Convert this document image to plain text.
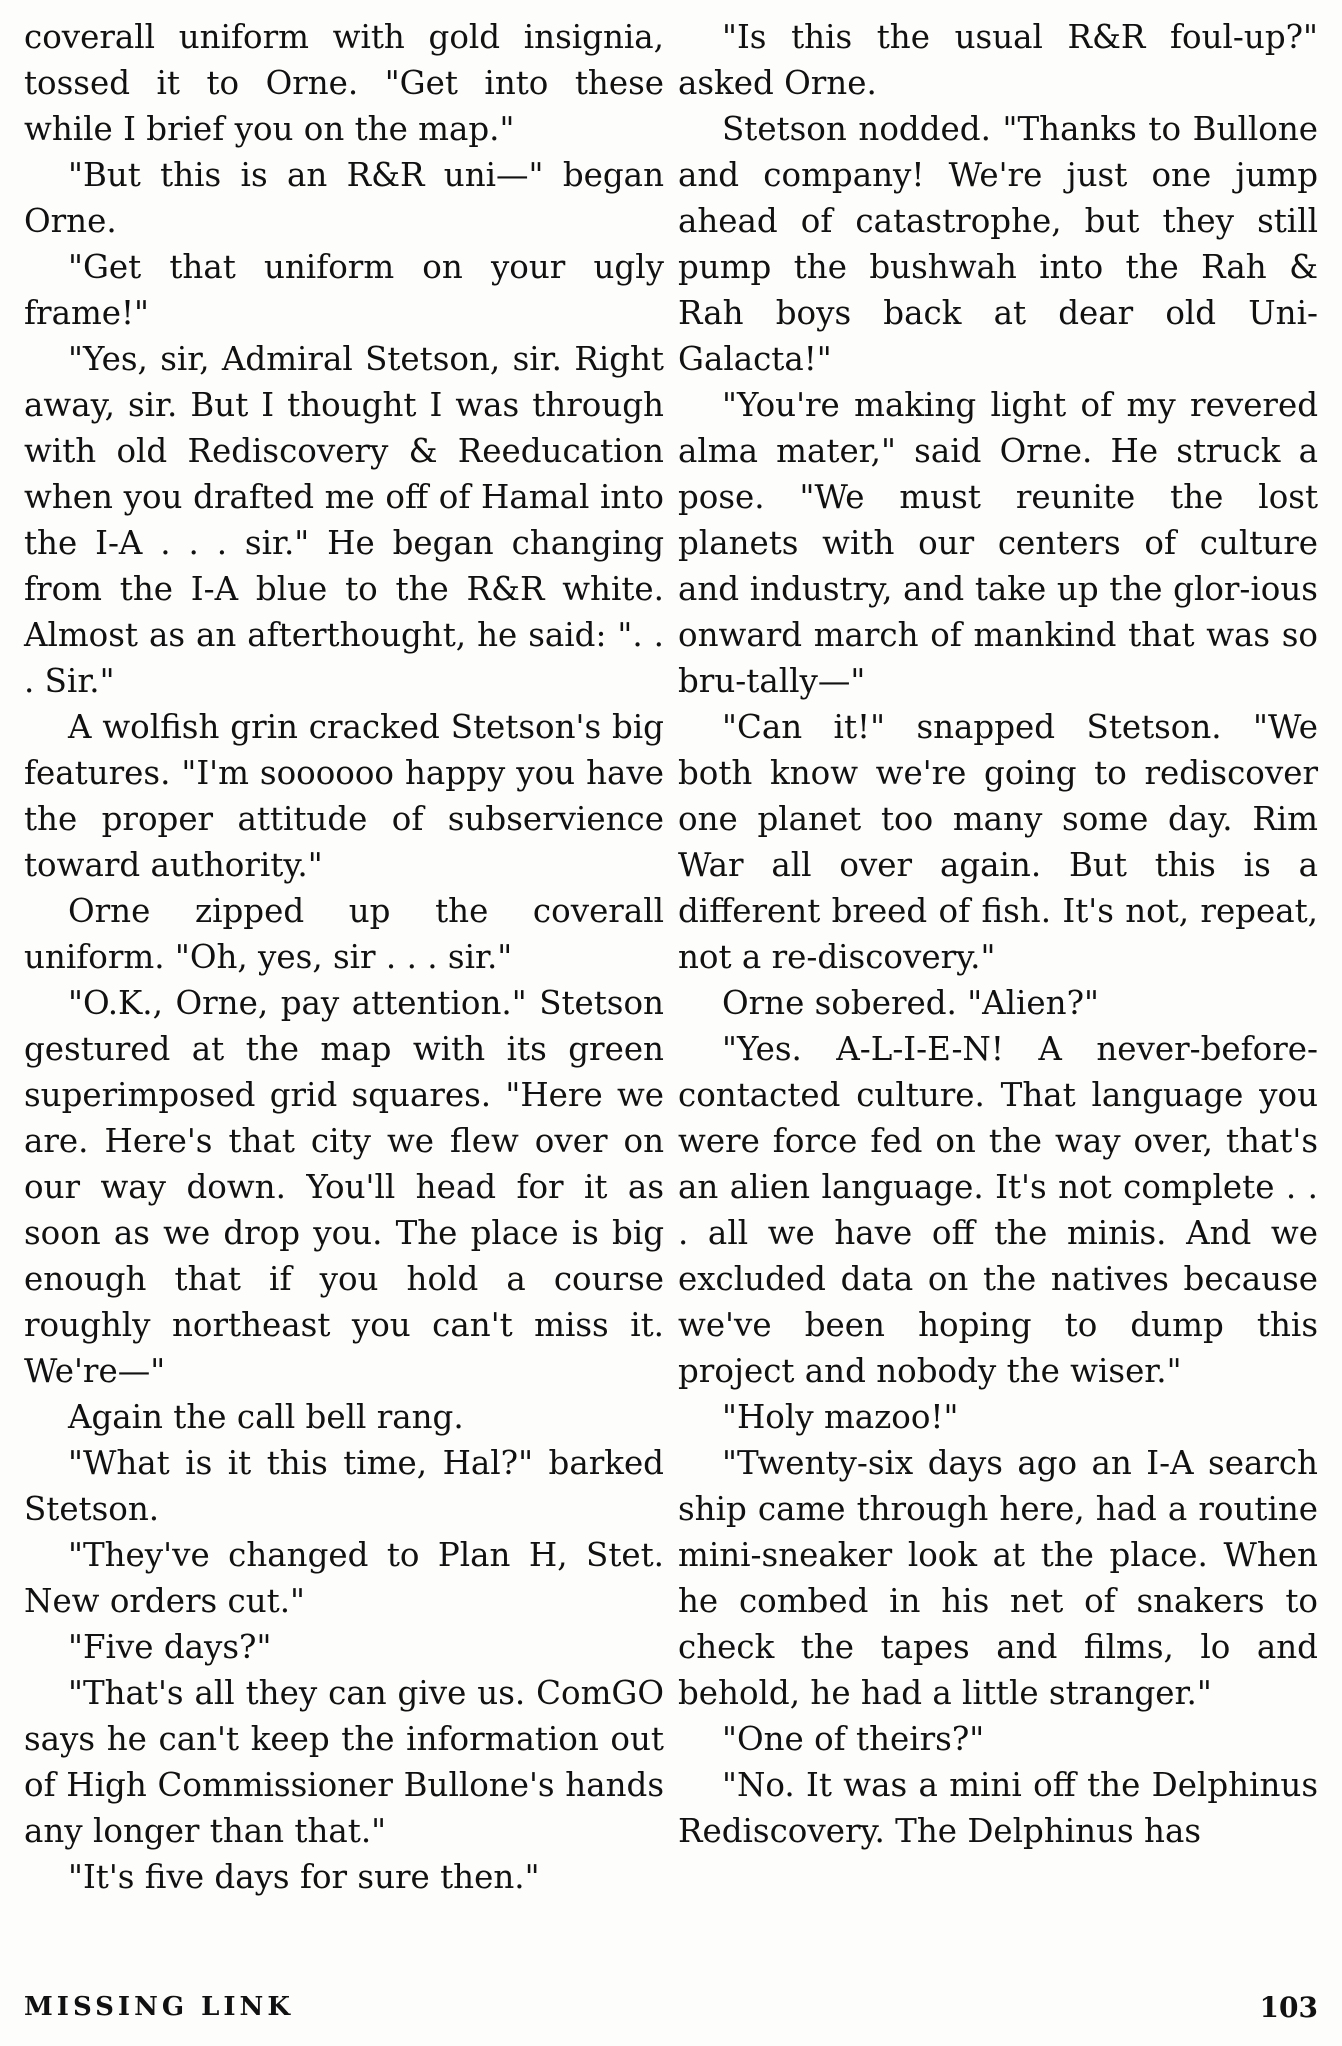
coverall uniform with gold insignia, tossed it to Orne. "Get into these while I brief you on the map."

"But this is an R&R uni—" began Orne.

"Get that uniform on your ugly frame!"

"Yes, sir, Admiral Stetson, sir. Right away, sir. But I thought I was through with old Rediscovery & Reeducation when you drafted me off of Hamal into the I-A . . . sir." He began changing from the I-A blue to the R&R white. Almost as an afterthought, he said: ". . . Sir."

A wolfish grin cracked Stetson's big features. "I'm soooooo happy you have the proper attitude of subservience toward authority."

Orne zipped up the coverall uniform. "Oh, yes, sir . . . sir."

"O.K., Orne, pay attention." Stetson gestured at the map with its green superimposed grid squares. "Here we are. Here's that city we flew over on our way down. You'll head for it as soon as we drop you. The place is big enough that if you hold a course roughly northeast you can't miss it. We're—"

Again the call bell rang.

"What is it this time, Hal?" barked Stetson.

"They've changed to Plan H, Stet. New orders cut."

"Five days?"

"That's all they can give us. ComGO says he can't keep the information out of High Commissioner Bullone's hands any longer than that."

"It's five days for sure then."

"Is this the usual R&R foul-up?" asked Orne.

Stetson nodded. "Thanks to Bullone and company! We're just one jump ahead of catastrophe, but they still pump the bushwah into the Rah & Rah boys back at dear old Uni-Galacta!"

"You're making light of my revered alma mater," said Orne. He struck a pose. "We must reunite the lost planets with our centers of culture and industry, and take up the glor-ious onward march of mankind that was so bru-tally—"

"Can it!" snapped Stetson. "We both know we're going to rediscover one planet too many some day. Rim War all over again. But this is a different breed of fish. It's not, repeat, not a re-discovery."

Orne sobered. "Alien?"

"Yes. A-L-I-E-N! A never-before-contacted culture. That language you were force fed on the way over, that's an alien language. It's not complete . . . all we have off the minis. And we excluded data on the natives because we've been hoping to dump this project and nobody the wiser."

"Holy mazoo!"

"Twenty-six days ago an I-A search ship came through here, had a routine mini-sneaker look at the place. When he combed in his net of snakers to check the tapes and films, lo and behold, he had a little stranger."

"One of theirs?"

"No. It was a mini off the Delphinus Rediscovery. The Delphinus has

MISSING LINK	103
